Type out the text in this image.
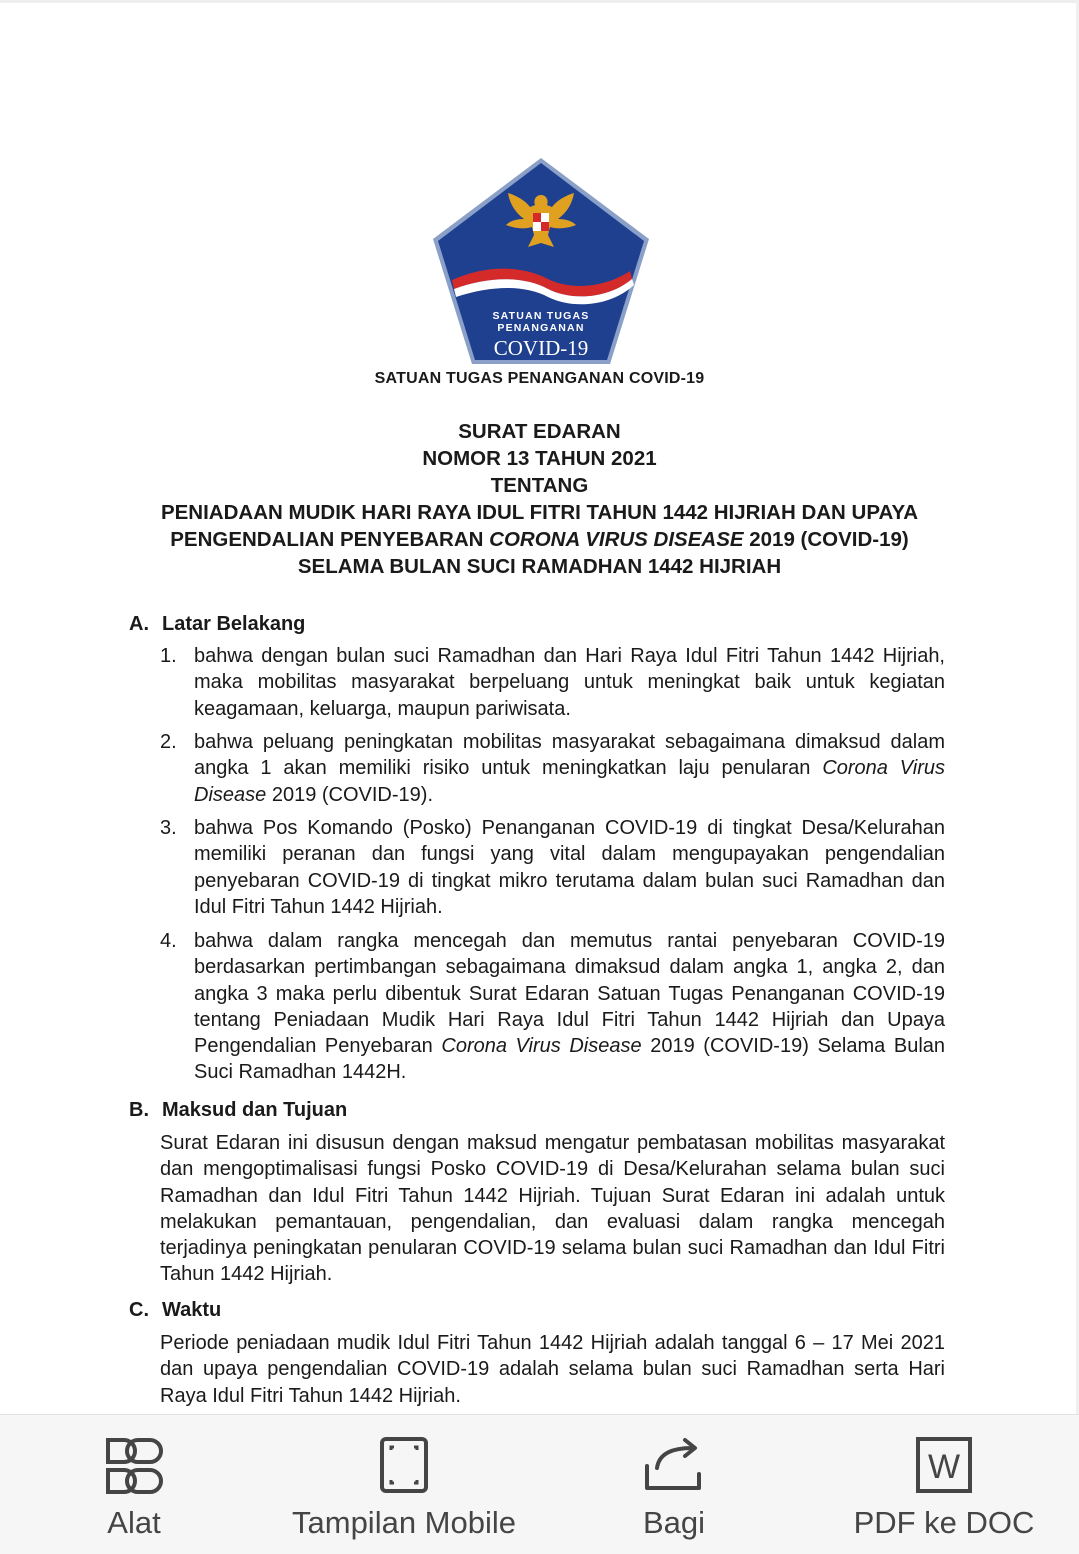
SATUAN TUGAS
PENANGANAN
COVID-19
SATUAN TUGAS PENANGANAN COVID-19
SURAT EDARAN
NOMOR 13 TAHUN 2021
TENTANG
PENIADAAN MUDIK HARI RAYA IDUL FITRI TAHUN 1442 HIJRIAH DAN UPAYA
PENGENDALIAN PENYEBARAN CORONA VIRUS DISEASE 2019 (COVID-19)
SELAMA BULAN SUCI RAMADHAN 1442 HIJRIAH
A. Latar Belakang
1. bahwa dengan bulan suci Ramadhan dan Hari Raya Idul Fitri Tahun 1442 Hijriah, maka mobilitas masyarakat berpeluang untuk meningkat baik untuk kegiatan keagamaan, keluarga, maupun pariwisata.
2. bahwa peluang peningkatan mobilitas masyarakat sebagaimana dimaksud dalam angka 1 akan memiliki risiko untuk meningkatkan laju penularan Corona Virus Disease 2019 (COVID-19).
3. bahwa Pos Komando (Posko) Penanganan COVID-19 di tingkat Desa/Kelurahan memiliki peranan dan fungsi yang vital dalam mengupayakan pengendalian penyebaran COVID-19 di tingkat mikro terutama dalam bulan suci Ramadhan dan Idul Fitri Tahun 1442 Hijriah.
4. bahwa dalam rangka mencegah dan memutus rantai penyebaran COVID-19 berdasarkan pertimbangan sebagaimana dimaksud dalam angka 1, angka 2, dan angka 3 maka perlu dibentuk Surat Edaran Satuan Tugas Penanganan COVID-19 tentang Peniadaan Mudik Hari Raya Idul Fitri Tahun 1442 Hijriah dan Upaya Pengendalian Penyebaran Corona Virus Disease 2019 (COVID-19) Selama Bulan Suci Ramadhan 1442H.
B. Maksud dan Tujuan
Surat Edaran ini disusun dengan maksud mengatur pembatasan mobilitas masyarakat dan mengoptimalisasi fungsi Posko COVID-19 di Desa/Kelurahan selama bulan suci Ramadhan dan Idul Fitri Tahun 1442 Hijriah. Tujuan Surat Edaran ini adalah untuk melakukan pemantauan, pengendalian, dan evaluasi dalam rangka mencegah terjadinya peningkatan penularan COVID-19 selama bulan suci Ramadhan dan Idul Fitri Tahun 1442 Hijriah.
C. Waktu
Periode peniadaan mudik Idul Fitri Tahun 1442 Hijriah adalah tanggal 6 – 17 Mei 2021 dan upaya pengendalian COVID-19 adalah selama bulan suci Ramadhan serta Hari Raya Idul Fitri Tahun 1442 Hijriah.
Alat	Tampilan Mobile	Bagi
W
PDF ke DOC
